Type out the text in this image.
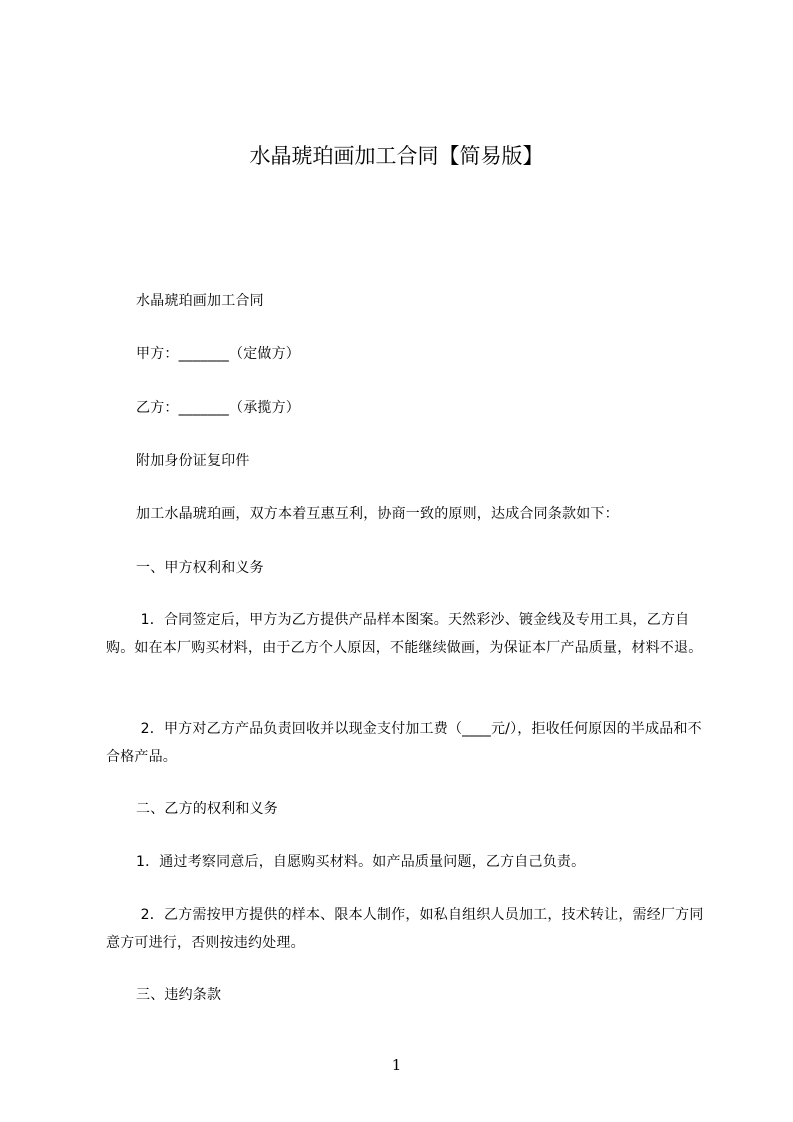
水晶琥珀画加工合同【简易版】
水晶琥珀画加工合同
甲方：_______（定做方）
乙方：_______（承揽方）
附加身份证复印件
加工水晶琥珀画，双方本着互惠互利，协商一致的原则，达成合同条款如下：
一、甲方权利和义务
1．合同签定后，甲方为乙方提供产品样本图案。天然彩沙、镀金线及专用工具，乙方自购。如在本厂购买材料，由于乙方个人原因，不能继续做画，为保证本厂产品质量，材料不退。
2．甲方对乙方产品负责回收并以现金支付加工费（____元/），拒收任何原因的半成品和不合格产品。
二、乙方的权利和义务
1．通过考察同意后，自愿购买材料。如产品质量问题，乙方自己负责。
2．乙方需按甲方提供的样本、限本人制作，如私自组织人员加工，技术转让，需经厂方同意方可进行，否则按违约处理。
三、违约条款
1
